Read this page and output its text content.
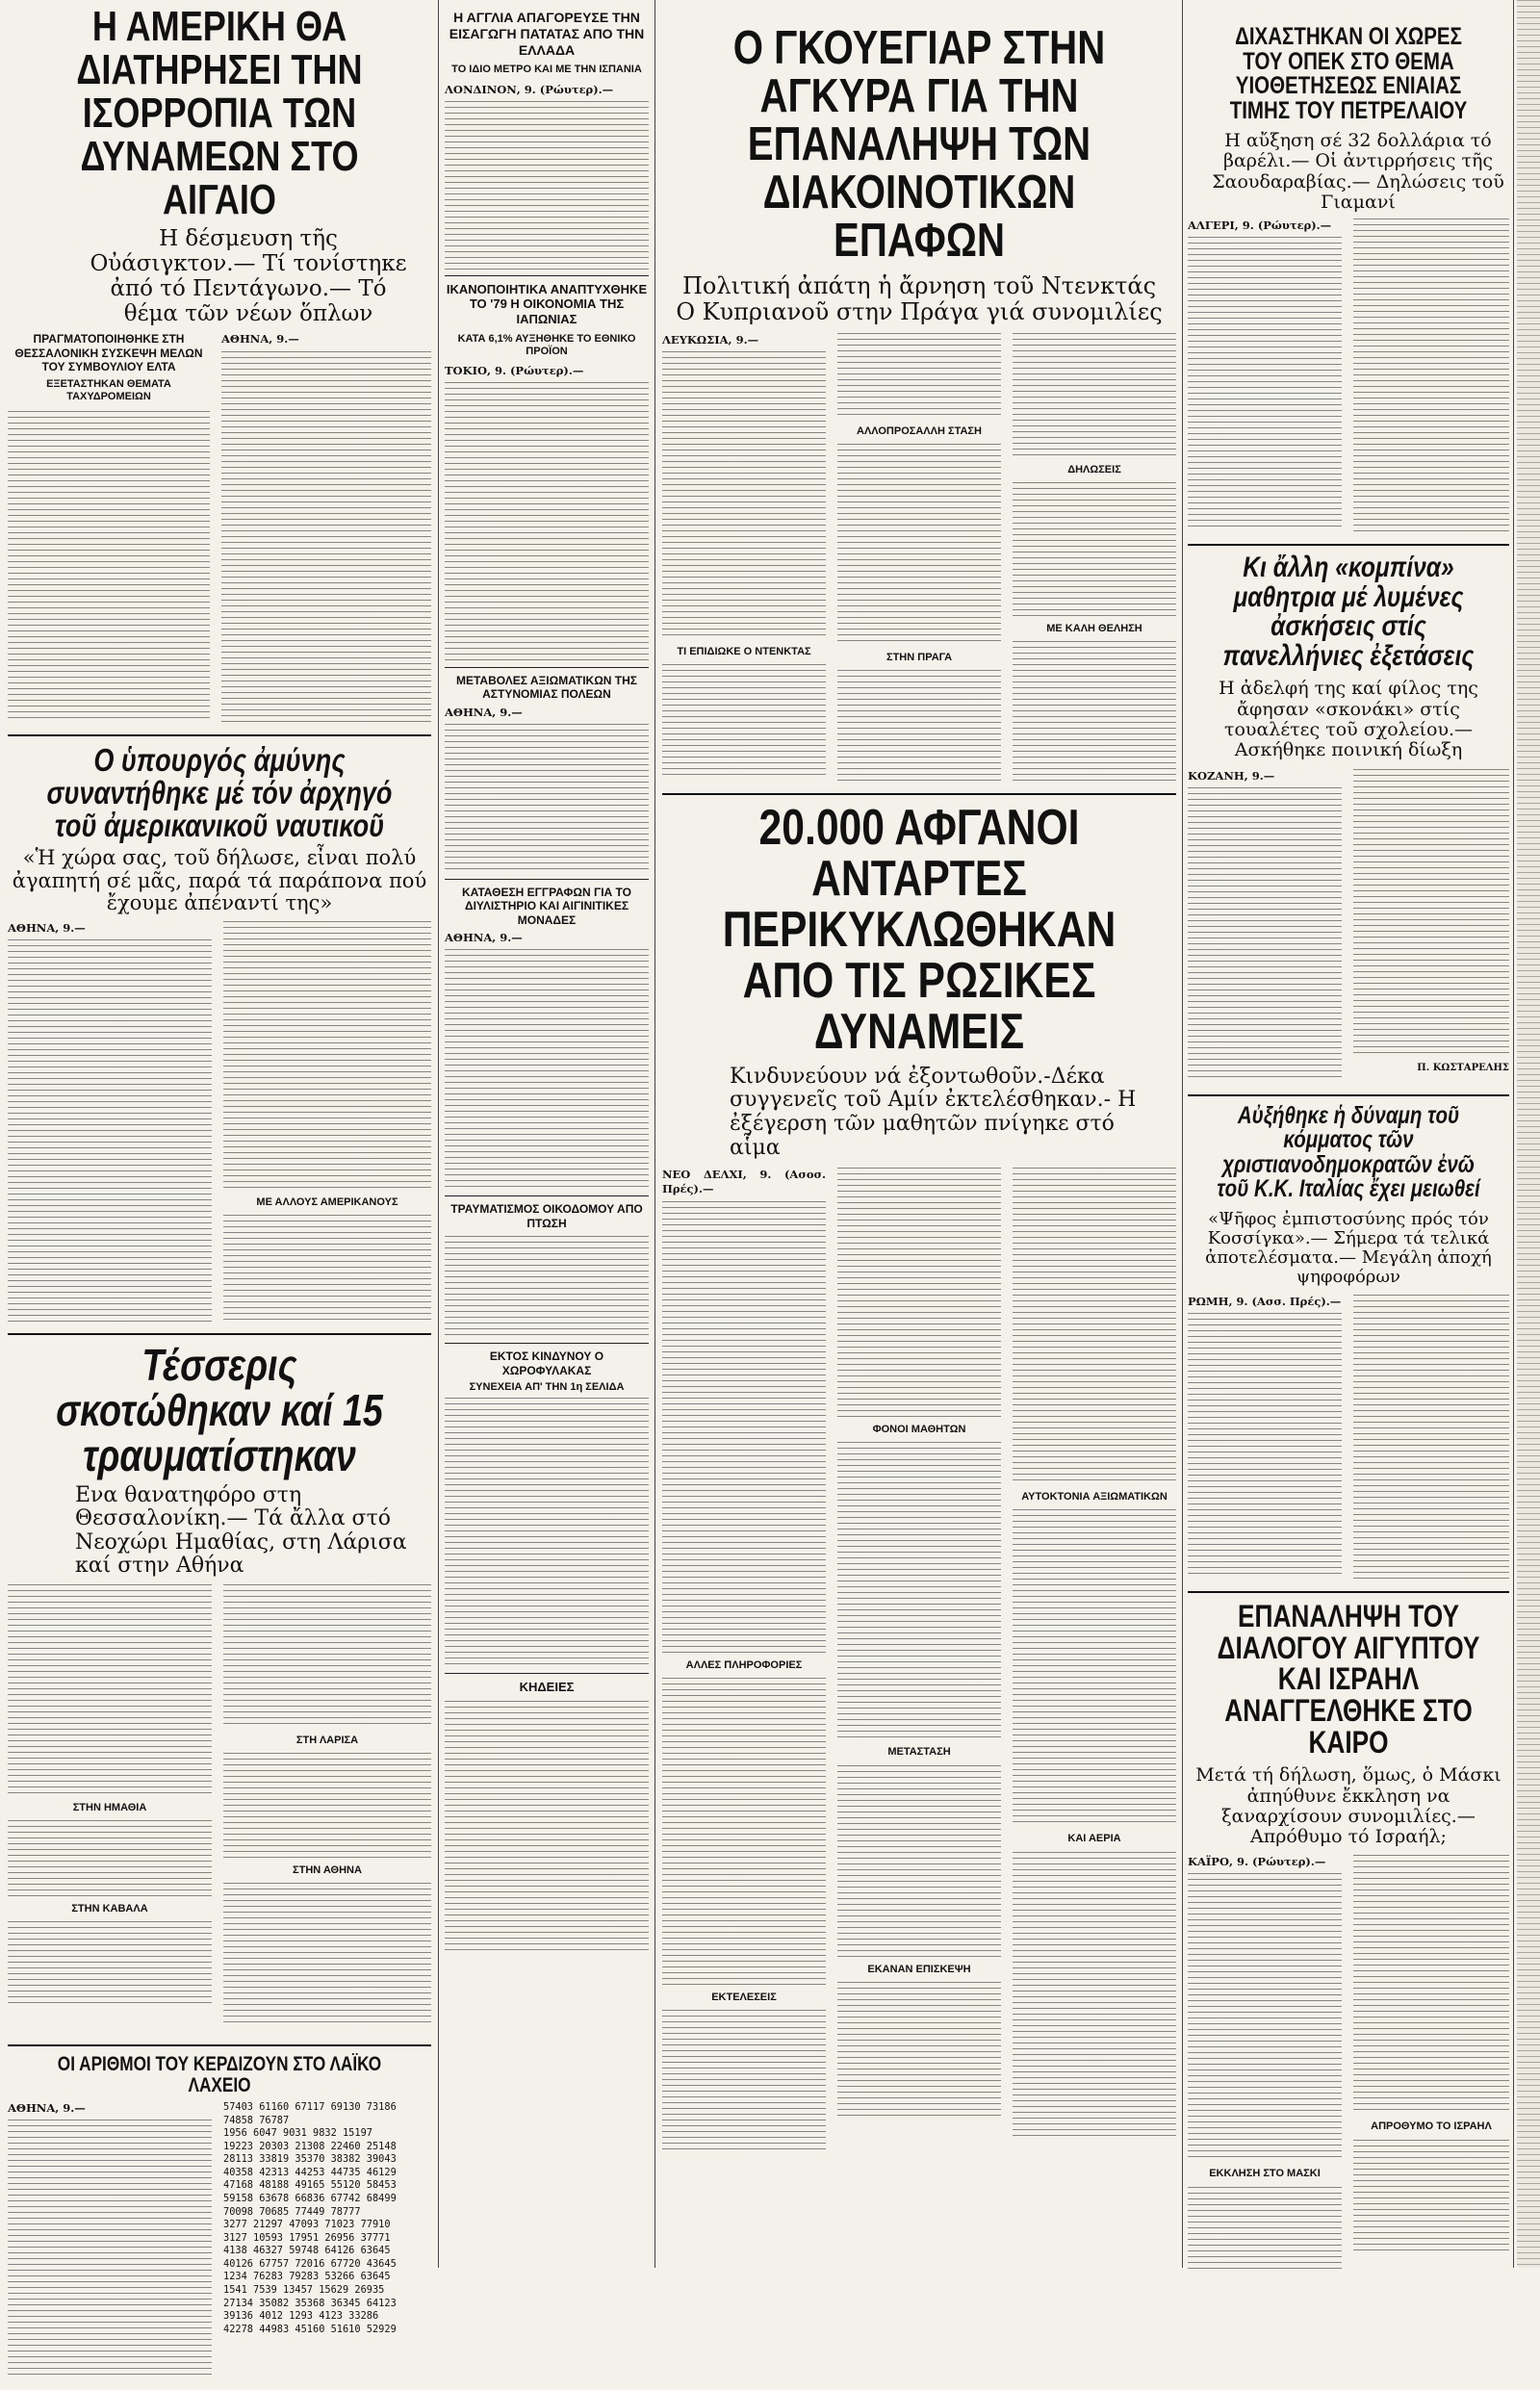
Η ΑΜΕΡΙΚΗ ΘΑ ΔΙΑΤΗΡΗΣΕΙ ΤΗΝ ΙΣΟΡΡΟΠΙΑ ΤΩΝ ΔΥΝΑΜΕΩΝ ΣΤΟ ΑΙΓΑΙΟ
Η δέσμευση τῆς Οὐάσιγκτον.— Τί τονίστηκε ἀπό τό Πεντάγωνο.— Τό θέμα τῶν νέων ὅπλων
ΠΡΑΓΜΑΤΟΠΟΙΗΘΗΚΕ ΣΤΗ ΘΕΣΣΑΛΟΝΙΚΗ ΣΥΣΚΕΨΗ ΜΕΛΩΝ ΤΟΥ ΣΥΜΒΟΥΛΙΟΥ ΕΛΤΑ
ΕΞΕΤΑΣΤΗΚΑΝ ΘΕΜΑΤΑ ΤΑΧΥΔΡΟΜΕΙΩΝ
ΑΘΗΝΑ, 9.—
Ο ὑπουργός ἀμύνης συναντήθηκε μέ τόν ἀρχηγό τοῦ ἀμερικανικοῦ ναυτικοῦ
«Ἡ χώρα σας, τοῦ δήλωσε, εἶναι πολύ ἀγαπητή σέ μᾶς, παρά τά παράπονα πού ἔχουμε ἀπέναντί της»
ΑΘΗΝΑ, 9.—
ΜΕ ΑΛΛΟΥΣ ΑΜΕΡΙΚΑΝΟΥΣ
Τέσσερις σκοτώθηκαν καί 15 τραυματίστηκαν
Ενα θανατηφόρο στη Θεσσαλονίκη.— Τά ἄλλα στό Νεοχώρι Ημαθίας, στη Λάρισα καί στην Αθήνα
ΣΤΗΝ ΗΜΑΘΙΑ
ΣΤΗΝ ΚΑΒΑΛΑ
ΣΤΗ ΛΑΡΙΣΑ
ΣΤΗΝ ΑΘΗΝΑ
ΟΙ ΑΡΙΘΜΟΙ ΤΟΥ ΚΕΡΔΙΖΟΥΝ ΣΤΟ ΛΑΪΚΟ ΛΑΧΕΙΟ
ΑΘΗΝΑ, 9.—	57403 61160 67117 69130 73186
74858 76787
1956 6047 9031 9832 15197
19223 20303 21308 22460 25148
28113 33819 35370 38382 39043
40358 42313 44253 44735 46129
47168 48188 49165 55120 58453
59158 63678 66836 67742 68499
70098 70685 77449 78777
3277 21297 47093 71023 77910
3127 10593 17951 26956 37771
4138 46327 59748 64126 63645
40126 67757 72016 67720 43645
1234 76283 79283 53266 63645
1541 7539 13457 15629 26935
27134 35082 35368 36345 64123
39136 4012 1293 4123 33286
42278 44983 45160 51610 52929
Η ΑΓΓΛΙΑ ΑΠΑΓΟΡΕΥΣΕ ΤΗΝ ΕΙΣΑΓΩΓΗ ΠΑΤΑΤΑΣ ΑΠΟ ΤΗΝ ΕΛΛΑΔΑ
ΤΟ ΙΔΙΟ ΜΕΤΡΟ ΚΑΙ ΜΕ ΤΗΝ ΙΣΠΑΝΙΑ
ΛΟΝΔΙΝΟΝ, 9. (Ρώυτερ).—
ΙΚΑΝΟΠΟΙΗΤΙΚΑ ΑΝΑΠΤΥΧΘΗΚΕ ΤΟ '79 Η ΟΙΚΟΝΟΜΙΑ ΤΗΣ ΙΑΠΩΝΙΑΣ
ΚΑΤΑ 6,1% ΑΥΞΗΘΗΚΕ ΤΟ ΕΘΝΙΚΟ ΠΡΟΪΟΝ
ΤΟΚΙΟ, 9. (Ρώυτερ).—
ΜΕΤΑΒΟΛΕΣ ΑΞΙΩΜΑΤΙΚΩΝ ΤΗΣ ΑΣΤΥΝΟΜΙΑΣ ΠΟΛΕΩΝ
ΑΘΗΝΑ, 9.—
ΚΑΤΑΘΕΣΗ ΕΓΓΡΑΦΩΝ ΓΙΑ ΤΟ ΔΙΥΛΙΣΤΗΡΙΟ ΚΑΙ ΑΙΓΙΝΙΤΙΚΕΣ ΜΟΝΑΔΕΣ
ΑΘΗΝΑ, 9.—
ΤΡΑΥΜΑΤΙΣΜΟΣ ΟΙΚΟΔΟΜΟΥ ΑΠΟ ΠΤΩΣΗ
ΕΚΤΟΣ ΚΙΝΔΥΝΟΥ Ο ΧΩΡΟΦΥΛΑΚΑΣ
ΣΥΝΕΧΕΙΑ ΑΠ' ΤΗΝ 1η ΣΕΛΙΔΑ
ΚΗΔΕΙΕΣ
Ο ΓΚΟΥΕΓΙΑΡ ΣΤΗΝ ΑΓΚΥΡΑ ΓΙΑ ΤΗΝ ΕΠΑΝΑΛΗΨΗ ΤΩΝ ΔΙΑΚΟΙΝΟΤΙΚΩΝ ΕΠΑΦΩΝ
Πολιτική ἀπάτη ἡ ἄρνηση τοῦ Ντενκτάς
Ο Κυπριανοῦ στην Πράγα γιά συνομιλίες
ΛΕΥΚΩΣΙΑ, 9.—
ΤΙ ΕΠΙΔΙΩΚΕ Ο ΝΤΕΝΚΤΑΣ
ΑΛΛΟΠΡΟΣΑΛΛΗ ΣΤΑΣΗ
ΣΤΗΝ ΠΡΑΓΑ
ΔΗΛΩΣΕΙΣ
ΜΕ ΚΑΛΗ ΘΕΛΗΣΗ
20.000 ΑΦΓΑΝΟΙ ΑΝΤΑΡΤΕΣ ΠΕΡΙΚΥΚΛΩΘΗΚΑΝ ΑΠΟ ΤΙΣ ΡΩΣΙΚΕΣ ΔΥΝΑΜΕΙΣ
Κινδυνεύουν νά ἐξοντωθοῦν.-Δέκα συγγενεῖς τοῦ Αμίν ἐκτελέσθηκαν.- Η ἐξέγερση τῶν μαθητῶν πνίγηκε στό αἷμα
ΝΕΟ ΔΕΛΧΙ, 9. (Ασοσ. Πρές).—
ΑΛΛΕΣ ΠΛΗΡΟΦΟΡΙΕΣ
ΕΚΤΕΛΕΣΕΙΣ
ΦΟΝΟΙ ΜΑΘΗΤΩΝ
ΜΕΤΑΣΤΑΣΗ
ΕΚΑΝΑΝ ΕΠΙΣΚΕΨΗ
ΑΥΤΟΚΤΟΝΙΑ ΑΞΙΩΜΑΤΙΚΩΝ
ΚΑΙ ΑΕΡΙΑ
ΔΙΧΑΣΤΗΚΑΝ ΟΙ ΧΩΡΕΣ ΤΟΥ ΟΠΕΚ ΣΤΟ ΘΕΜΑ ΥΙΟΘΕΤΗΣΕΩΣ ΕΝΙΑΙΑΣ ΤΙΜΗΣ ΤΟΥ ΠΕΤΡΕΛΑΙΟΥ
Η αὔξηση σέ 32 δολλάρια τό βαρέλι.— Οἱ ἀντιρρήσεις τῆς Σαουδαραβίας.— Δηλώσεις τοῦ Γιαμανί
ΑΛΓΕΡΙ, 9. (Ρώυτερ).—
Κι ἄλλη «κομπίνα» μαθητρια μέ λυμένες ἀσκήσεις στίς πανελλήνιες ἐξετάσεις
Η ἀδελφή της καί φίλος της ἄφησαν «σκονάκι» στίς τουαλέτες τοῦ σχολείου.— Ασκήθηκε ποινική δίωξη
ΚΟΖΑΝΗ, 9.—
Π. ΚΩΣΤΑΡΕΛΗΣ
Αὐξήθηκε ἡ δύναμη τοῦ κόμματος τῶν χριστιανοδημοκρατῶν ἐνῶ τοῦ Κ.Κ. Ιταλίας ἔχει μειωθεί
«Ψῆφος ἐμπιστοσύνης πρός τόν Κοσσίγκα».— Σήμερα τά τελικά ἀποτελέσματα.— Μεγάλη ἀποχή ψηφοφόρων
ΡΩΜΗ, 9. (Ασσ. Πρές).—
ΕΠΑΝΑΛΗΨΗ ΤΟΥ ΔΙΑΛΟΓΟΥ ΑΙΓΥΠΤΟΥ ΚΑΙ ΙΣΡΑΗΛ ΑΝΑΓΓΕΛΘΗΚΕ ΣΤΟ ΚΑΙΡΟ
Μετά τή δήλωση, ὅμως, ὁ Μάσκι ἀπηύθυνε ἔκκληση να ξαναρχίσουν συνομιλίες.— Απρόθυμο τό Ισραήλ;
ΚΑΪΡΟ, 9. (Ρώυτερ).—
ΕΚΚΛΗΣΗ ΣΤΟ ΜΑΣΚΙ
ΑΠΡΟΘΥΜΟ ΤΟ ΙΣΡΑΗΛ
